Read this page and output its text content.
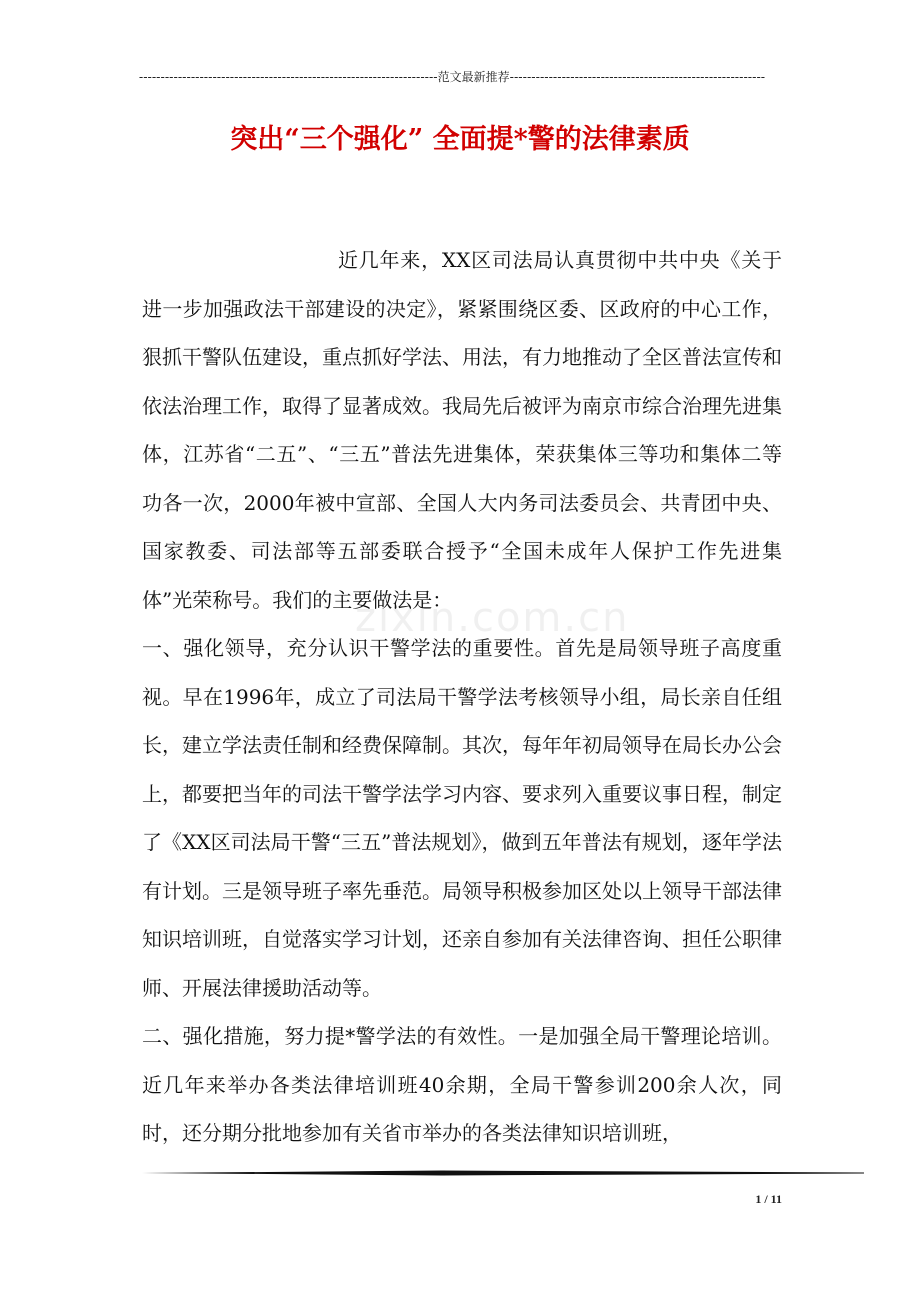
---------------------------------------------------------------------范文最新推荐-----------------------------------------------------------
突出“三个强化” 全面提*警的法律素质
zixin.com.cn

近几年来，XX区司法局认真贯彻中共中央《关于进一步加强政法干部建设的决定》，紧紧围绕区委、区政府的中心工作，狠抓干警队伍建设，重点抓好学法、用法，有力地推动了全区普法宣传和依法治理工作，取得了显著成效。我局先后被评为南京市综合治理先进集体，江苏省“二五”、“三五”普法先进集体，荣获集体三等功和集体二等功各一次，2000年被中宣部、全国人大内务司法委员会、共青团中央、国家教委、司法部等五部委联合授予“全国未成年人保护工作先进集体”光荣称号。我们的主要做法是：

一、强化领导，充分认识干警学法的重要性。首先是局领导班子高度重视。早在1996年，成立了司法局干警学法考核领导小组，局长亲自任组长，建立学法责任制和经费保障制。其次，每年年初局领导在局长办公会上，都要把当年的司法干警学法学习内容、要求列入重要议事日程，制定了《XX区司法局干警“三五”普法规划》，做到五年普法有规划，逐年学法有计划。三是领导班子率先垂范。局领导积极参加区处以上领导干部法律知识培训班，自觉落实学习计划，还亲自参加有关法律咨询、担任公职律师、开展法律援助活动等。

二、强化措施，努力提*警学法的有效性。一是加强全局干警理论培训。近几年来举办各类法律培训班40余期，全局干警参训200余人次，同时，还分期分批地参加有关省市举办的各类法律知识培训班，

1 / 11
